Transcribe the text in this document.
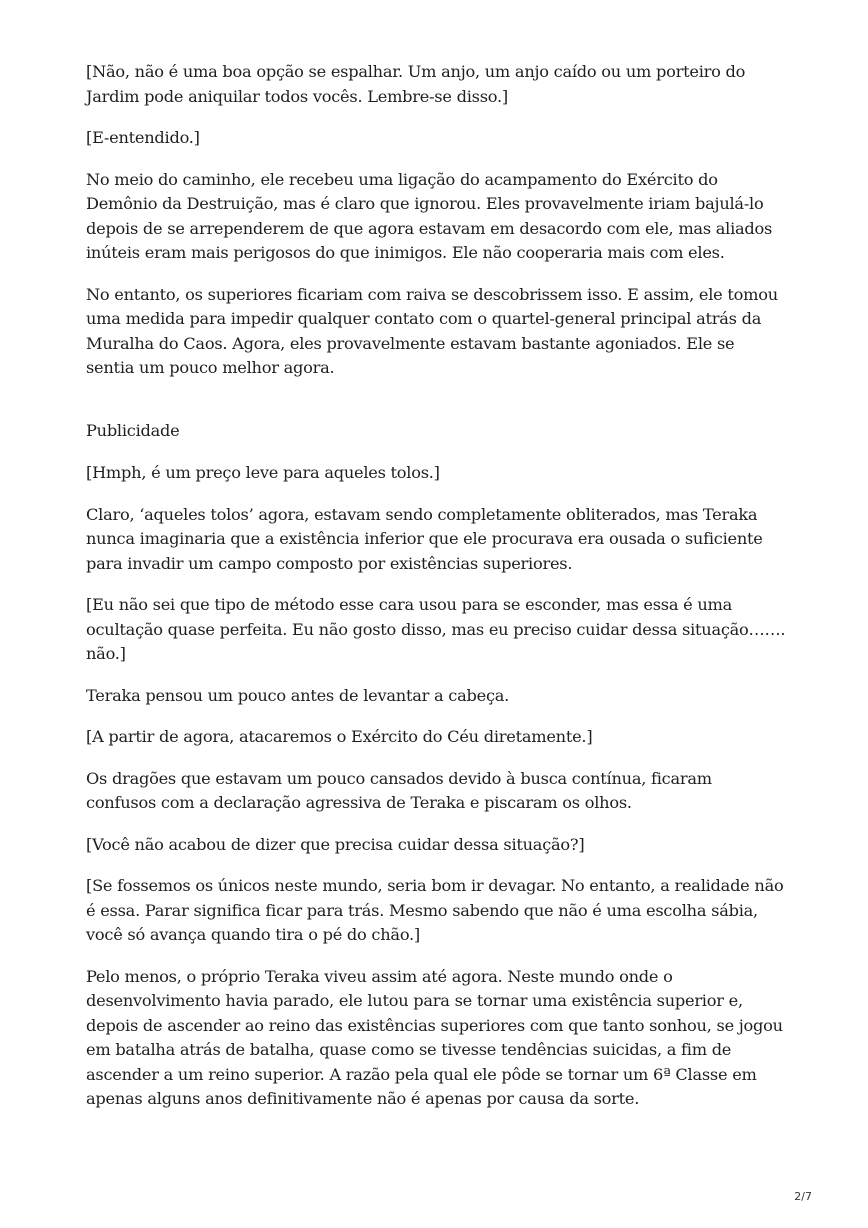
[Não, não é uma boa opção se espalhar. Um anjo, um anjo caído ou um porteiro do Jardim pode aniquilar todos vocês. Lembre-se disso.]

[E-entendido.]

No meio do caminho, ele recebeu uma ligação do acampamento do Exército do Demônio da Destruição, mas é claro que ignorou. Eles provavelmente iriam bajulá-lo depois de se arrependerem de que agora estavam em desacordo com ele, mas aliados inúteis eram mais perigosos do que inimigos. Ele não cooperaria mais com eles.

No entanto, os superiores ficariam com raiva se descobrissem isso. E assim, ele tomou uma medida para impedir qualquer contato com o quartel-general principal atrás da Muralha do Caos. Agora, eles provavelmente estavam bastante agoniados. Ele se sentia um pouco melhor agora.

Publicidade

[Hmph, é um preço leve para aqueles tolos.]

Claro, ‘aqueles tolos’ agora, estavam sendo completamente obliterados, mas Teraka nunca imaginaria que a existência inferior que ele procurava era ousada o suficiente para invadir um campo composto por existências superiores.

[Eu não sei que tipo de método esse cara usou para se esconder, mas essa é uma ocultação quase perfeita. Eu não gosto disso, mas eu preciso cuidar dessa situação……. não.]

Teraka pensou um pouco antes de levantar a cabeça.

[A partir de agora, atacaremos o Exército do Céu diretamente.]

Os dragões que estavam um pouco cansados devido à busca contínua, ficaram confusos com a declaração agressiva de Teraka e piscaram os olhos.

[Você não acabou de dizer que precisa cuidar dessa situação?]

[Se fossemos os únicos neste mundo, seria bom ir devagar. No entanto, a realidade não é essa. Parar significa ficar para trás. Mesmo sabendo que não é uma escolha sábia, você só avança quando tira o pé do chão.]

Pelo menos, o próprio Teraka viveu assim até agora. Neste mundo onde o desenvolvimento havia parado, ele lutou para se tornar uma existência superior e, depois de ascender ao reino das existências superiores com que tanto sonhou, se jogou em batalha atrás de batalha, quase como se tivesse tendências suicidas, a fim de ascender a um reino superior. A razão pela qual ele pôde se tornar um 6ª Classe em apenas alguns anos definitivamente não é apenas por causa da sorte.

2/7
